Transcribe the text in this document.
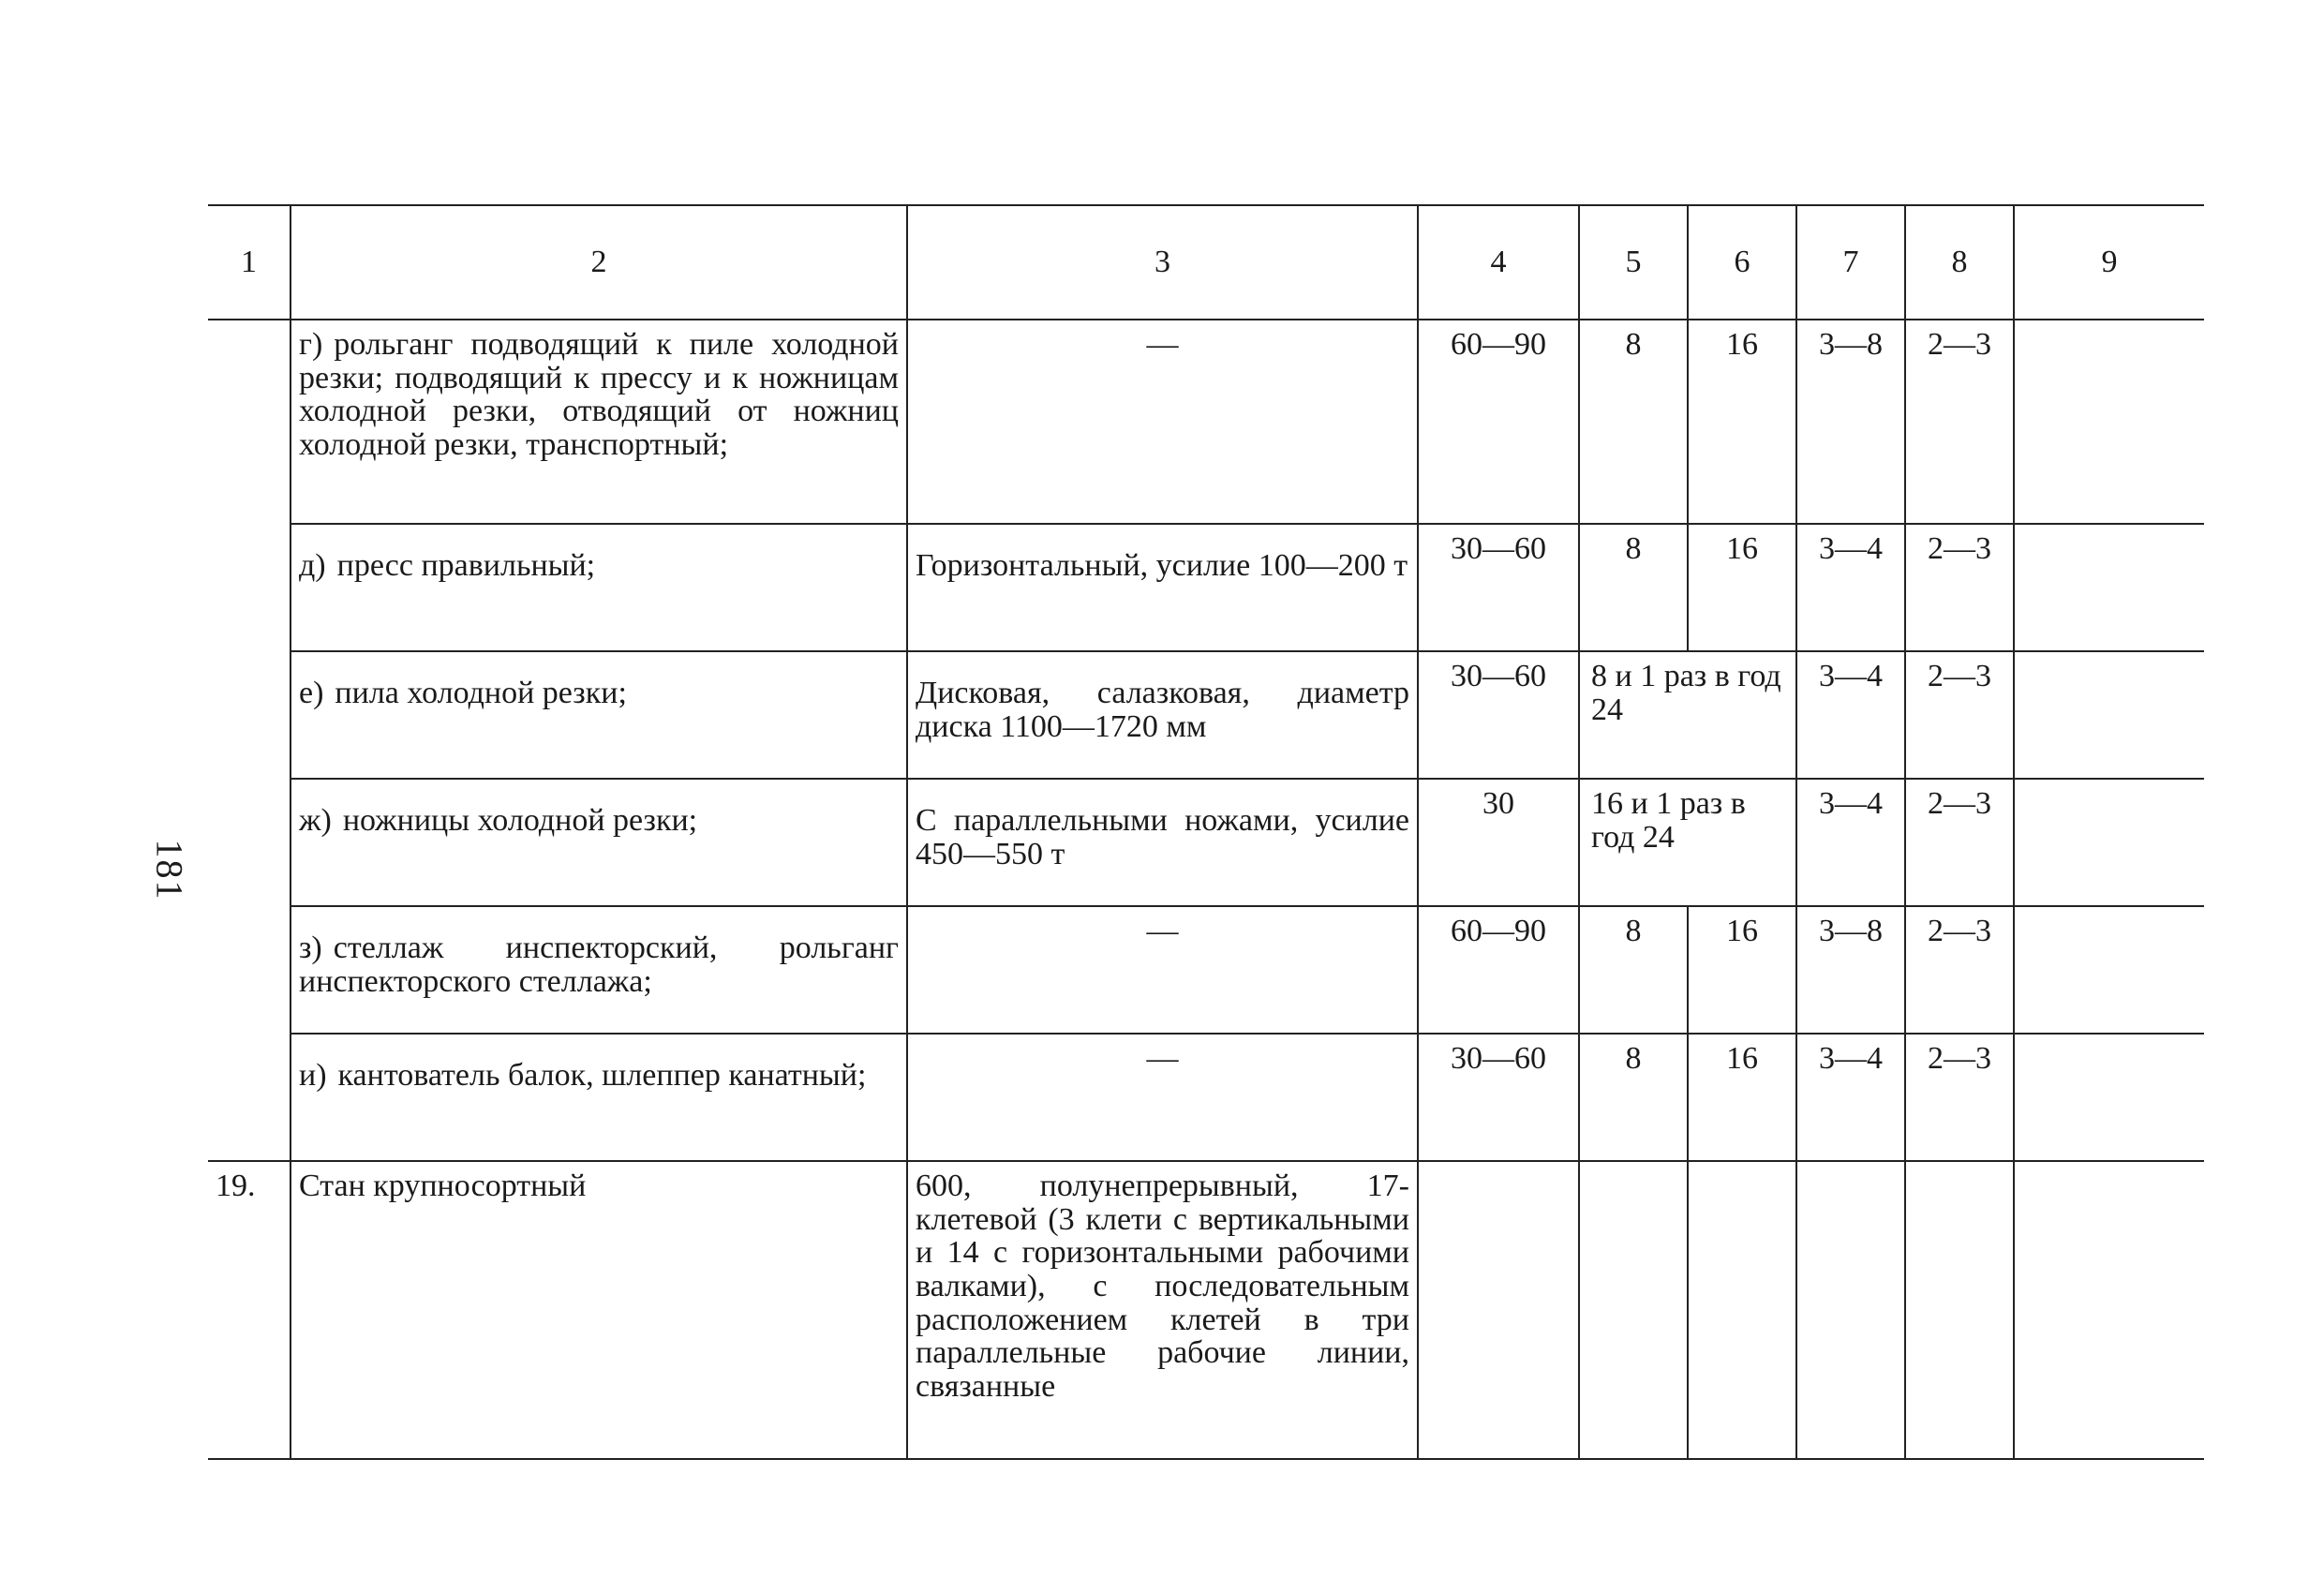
181
1	2	3	4	5	6	7	8	9
	г) рольганг подводящий к пиле холодной резки; подводящий к прессу и к ножницам холодной резки, отводящий от ножниц холодной резки, транспортный;	—	60—90	8	16	3—8	2—3	
	д) пресс правильный;	Горизонтальный, усилие 100—200 т	30—60	8	16	3—4	2—3	
	е) пила холодной резки;	Дисковая, салазковая, диаметр диска 1100—1720 мм	30—60	8 и 1 раз в год 24		3—4	2—3	
	ж) ножницы холодной резки;	С параллельными ножами, усилие 450—550 т	30	16 и 1 раз в год 24		3—4	2—3	
	з) стеллаж инспекторский, рольганг инспекторского стеллажа;	—	60—90	8	16	3—8	2—3	
	и) кантователь балок, шлеппер канатный;	—	30—60	8	16	3—4	2—3	
19.	Стан крупносортный	600, полунепрерывный, 17-клетевой (3 клети с вертикальными и 14 с горизонтальными рабочими валками), с последовательным расположением клетей в три параллельные рабочие линии, связанные						
